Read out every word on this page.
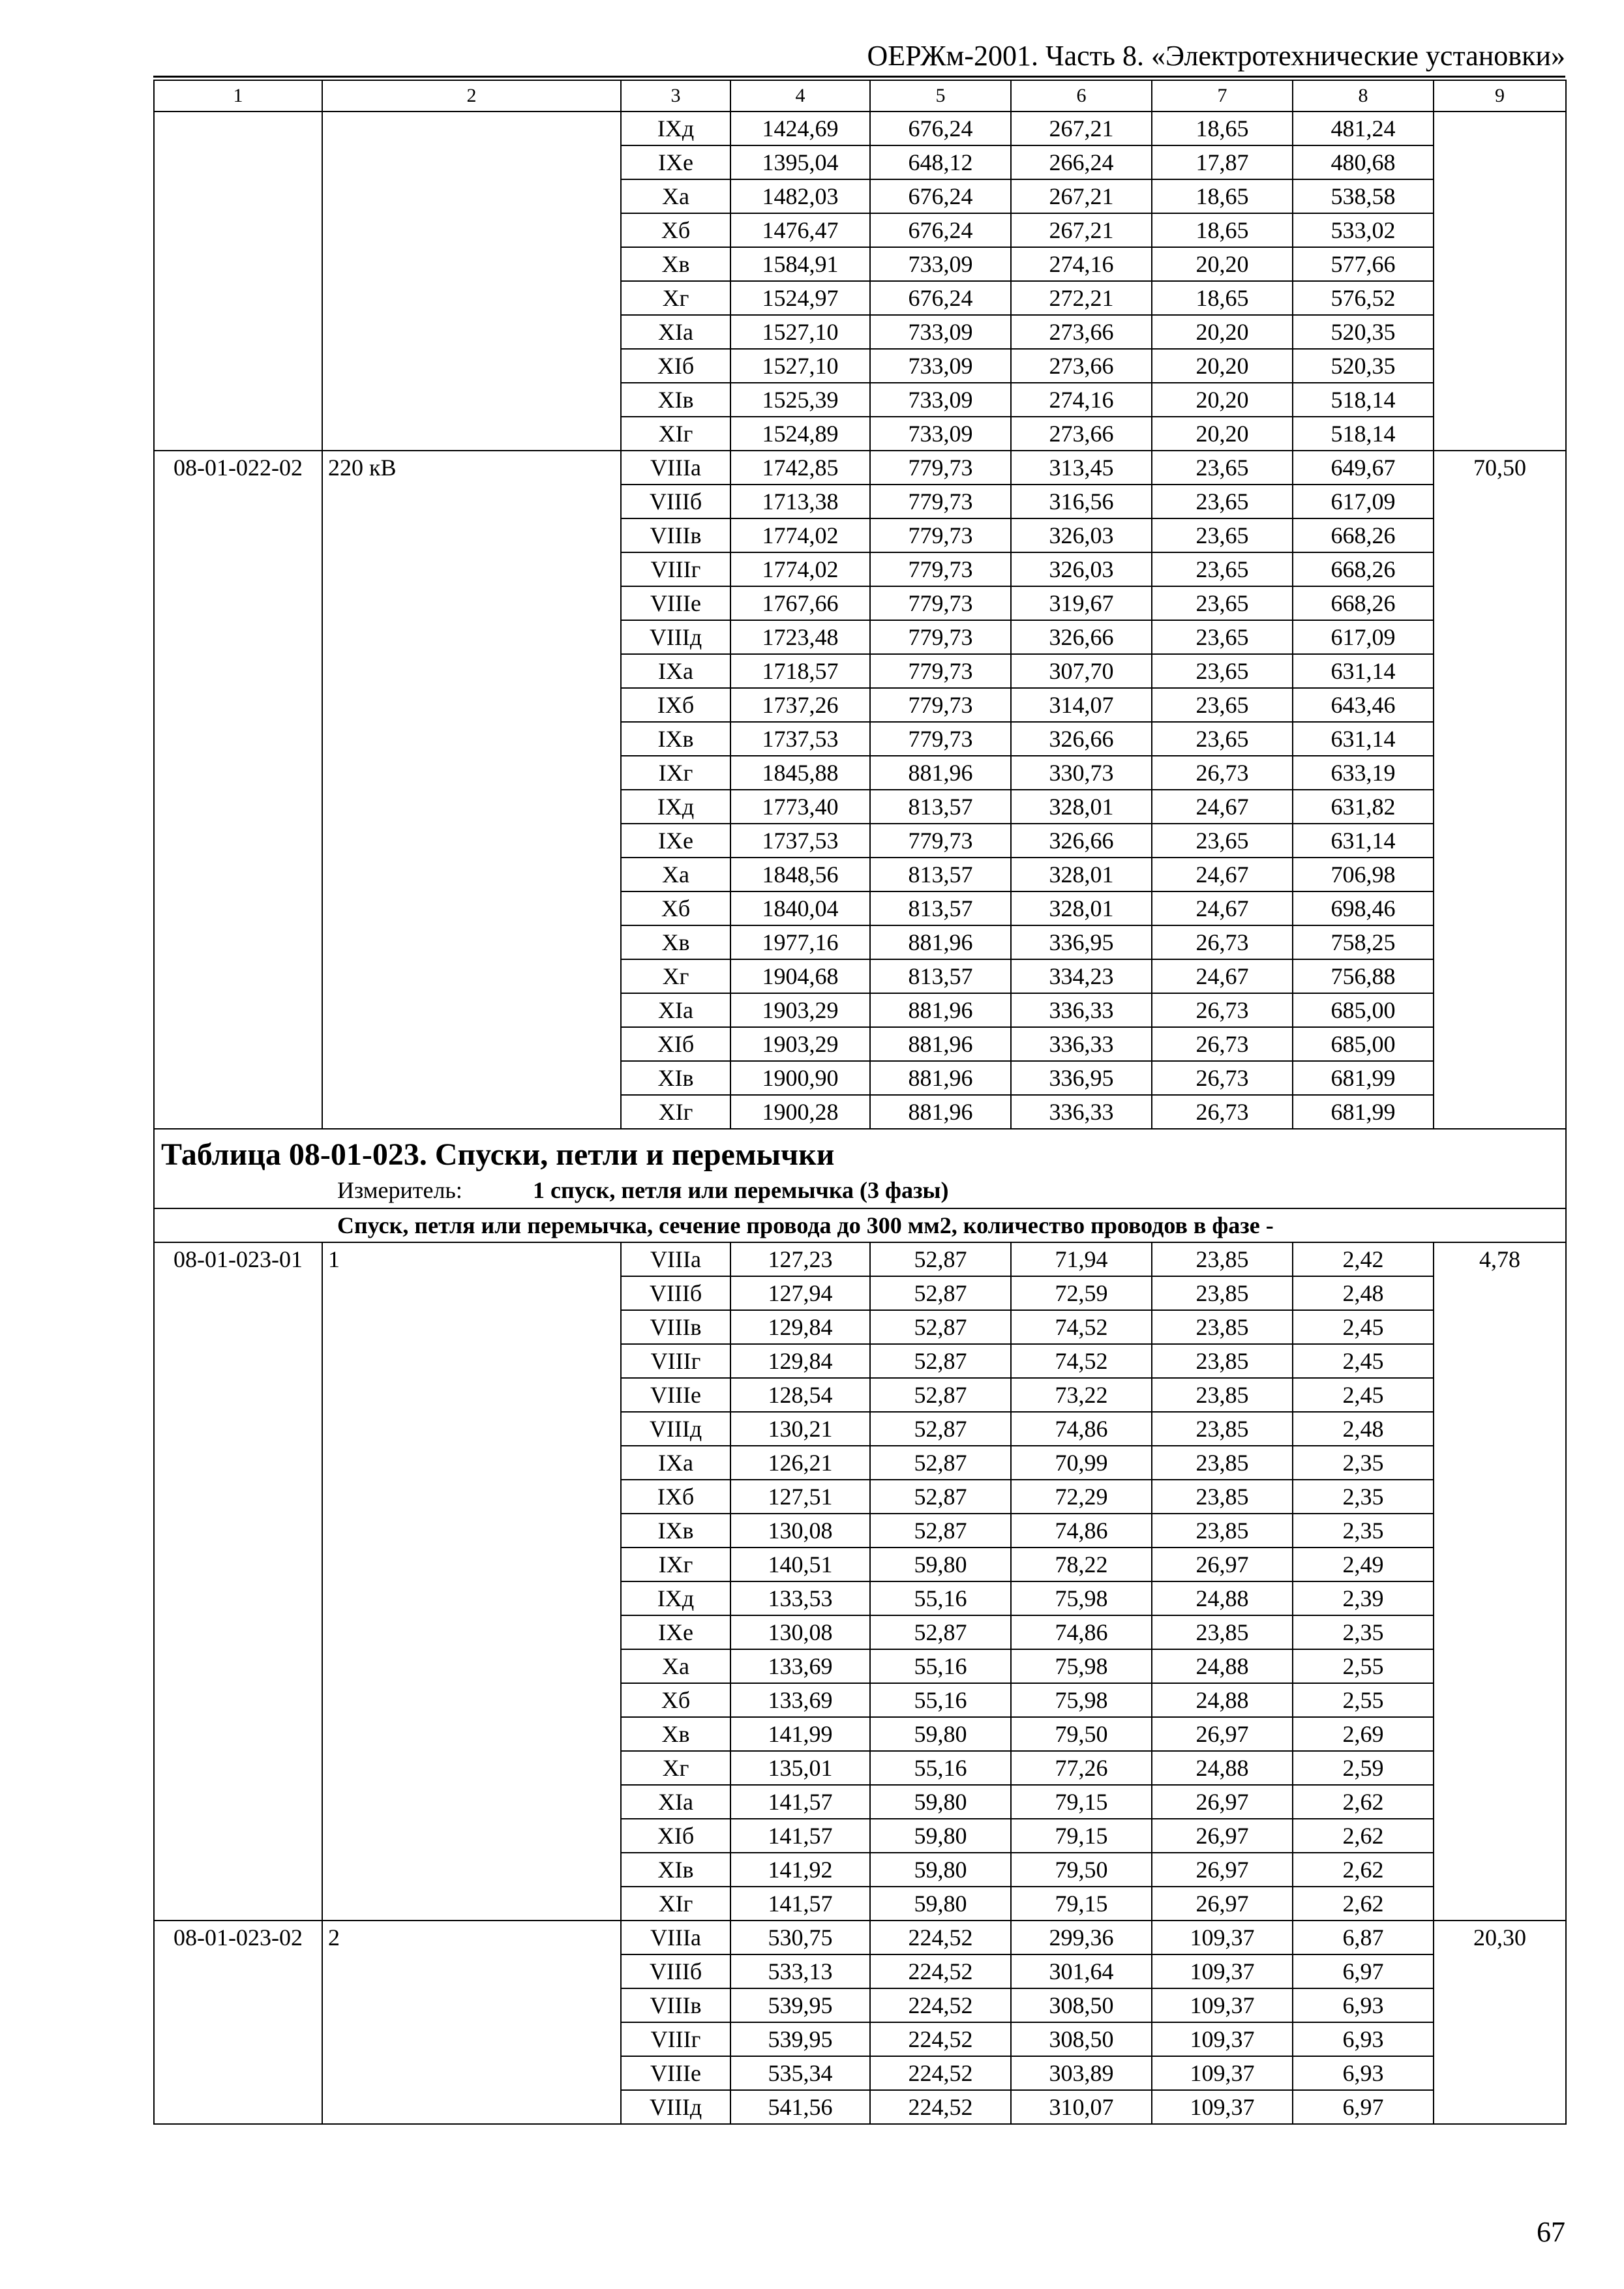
ОЕРЖм-2001. Часть 8. «Электротехнические установки»
1	2	3	4	5	6	7	8	9
		IXд	1424,69	676,24	267,21	18,65	481,24	
		IXе	1395,04	648,12	266,24	17,87	480,68	
		Xа	1482,03	676,24	267,21	18,65	538,58	
		Xб	1476,47	676,24	267,21	18,65	533,02	
		Xв	1584,91	733,09	274,16	20,20	577,66	
		Xг	1524,97	676,24	272,21	18,65	576,52	
		XIа	1527,10	733,09	273,66	20,20	520,35	
		XIб	1527,10	733,09	273,66	20,20	520,35	
		XIв	1525,39	733,09	274,16	20,20	518,14	
		XIг	1524,89	733,09	273,66	20,20	518,14	
08-01-022-02	220 кВ	VIIIа	1742,85	779,73	313,45	23,65	649,67	70,50
		VIIIб	1713,38	779,73	316,56	23,65	617,09	
		VIIIв	1774,02	779,73	326,03	23,65	668,26	
		VIIIг	1774,02	779,73	326,03	23,65	668,26	
		VIIIе	1767,66	779,73	319,67	23,65	668,26	
		VIIIд	1723,48	779,73	326,66	23,65	617,09	
		IXа	1718,57	779,73	307,70	23,65	631,14	
		IXб	1737,26	779,73	314,07	23,65	643,46	
		IXв	1737,53	779,73	326,66	23,65	631,14	
		IXг	1845,88	881,96	330,73	26,73	633,19	
		IXд	1773,40	813,57	328,01	24,67	631,82	
		IXе	1737,53	779,73	326,66	23,65	631,14	
		Xа	1848,56	813,57	328,01	24,67	706,98	
		Xб	1840,04	813,57	328,01	24,67	698,46	
		Xв	1977,16	881,96	336,95	26,73	758,25	
		Xг	1904,68	813,57	334,23	24,67	756,88	
		XIа	1903,29	881,96	336,33	26,73	685,00	
		XIб	1903,29	881,96	336,33	26,73	685,00	
		XIв	1900,90	881,96	336,95	26,73	681,99	
		XIг	1900,28	881,96	336,33	26,73	681,99	

Таблица 08-01-023. Спуски, петли и перемычки
Измеритель: 1 спуск, петля или перемычка (3 фазы)								

Спуск, петля или перемычка, сечение провода до 300 мм2, количество проводов в фазе -								
08-01-023-01	1	VIIIа	127,23	52,87	71,94	23,85	2,42	4,78
		VIIIб	127,94	52,87	72,59	23,85	2,48	
		VIIIв	129,84	52,87	74,52	23,85	2,45	
		VIIIг	129,84	52,87	74,52	23,85	2,45	
		VIIIе	128,54	52,87	73,22	23,85	2,45	
		VIIIд	130,21	52,87	74,86	23,85	2,48	
		IXа	126,21	52,87	70,99	23,85	2,35	
		IXб	127,51	52,87	72,29	23,85	2,35	
		IXв	130,08	52,87	74,86	23,85	2,35	
		IXг	140,51	59,80	78,22	26,97	2,49	
		IXд	133,53	55,16	75,98	24,88	2,39	
		IXе	130,08	52,87	74,86	23,85	2,35	
		Xа	133,69	55,16	75,98	24,88	2,55	
		Xб	133,69	55,16	75,98	24,88	2,55	
		Xв	141,99	59,80	79,50	26,97	2,69	
		Xг	135,01	55,16	77,26	24,88	2,59	
		XIа	141,57	59,80	79,15	26,97	2,62	
		XIб	141,57	59,80	79,15	26,97	2,62	
		XIв	141,92	59,80	79,50	26,97	2,62	
		XIг	141,57	59,80	79,15	26,97	2,62	
08-01-023-02	2	VIIIа	530,75	224,52	299,36	109,37	6,87	20,30
		VIIIб	533,13	224,52	301,64	109,37	6,97	
		VIIIв	539,95	224,52	308,50	109,37	6,93	
		VIIIг	539,95	224,52	308,50	109,37	6,93	
		VIIIе	535,34	224,52	303,89	109,37	6,93	
		VIIIд	541,56	224,52	310,07	109,37	6,97	
67
